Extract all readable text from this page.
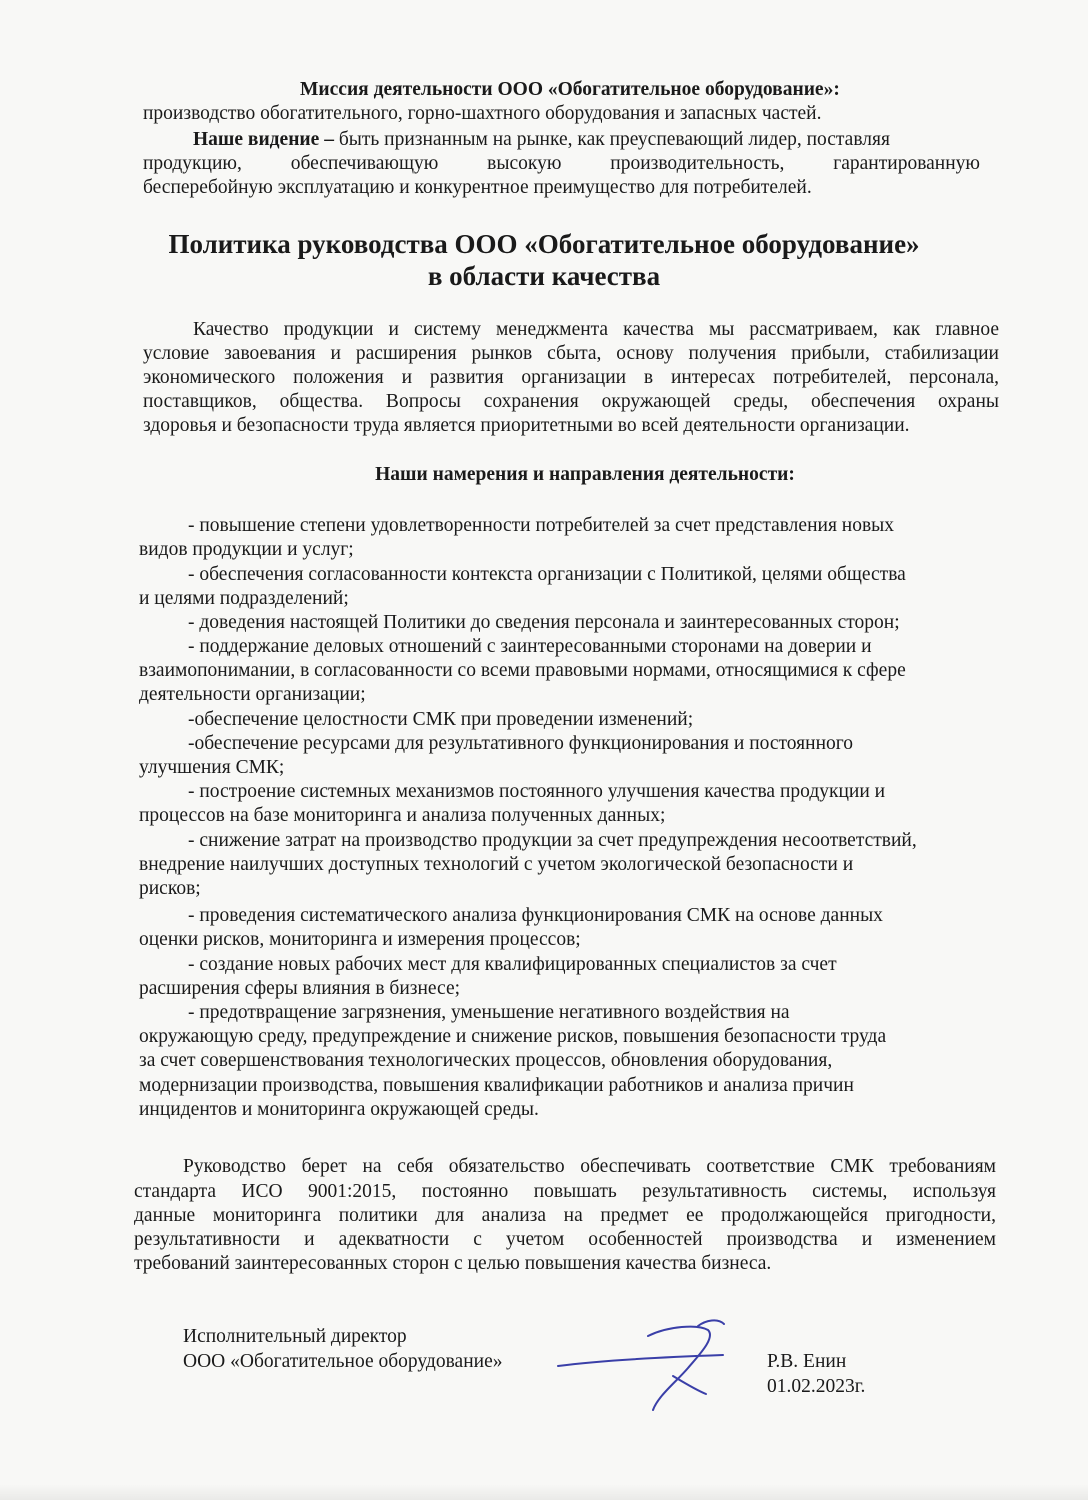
Миссия деятельности ООО «Обогатительное оборудование»:
производство обогатительного, горно-шахтного оборудования и запасных частей.
Наше видение – быть признанным на рынке, как преуспевающий лидер, поставляя
продукцию, обеспечивающую высокую производительность, гарантированную
бесперебойную эксплуатацию и конкурентное преимущество для потребителей.
Политика руководства ООО «Обогатительное оборудование»
в области качества
Качество продукции и систему менеджмента качества мы рассматриваем, как главное
условие завоевания и расширения рынков сбыта, основу получения прибыли, стабилизации
экономического положения и развития организации в интересах потребителей, персонала,
поставщиков, общества. Вопросы сохранения окружающей среды, обеспечения охраны
здоровья и безопасности труда является приоритетными во всей деятельности организации.
Наши намерения и направления деятельности:
- повышение степени удовлетворенности потребителей за счет представления новых
видов продукции и услуг;
- обеспечения согласованности контекста организации с Политикой, целями общества
и целями подразделений;
- доведения настоящей Политики до сведения персонала и заинтересованных сторон;
- поддержание деловых отношений с заинтересованными сторонами на доверии и
взаимопонимании, в согласованности со всеми правовыми нормами, относящимися к сфере
деятельности организации;
-обеспечение целостности СМК при проведении изменений;
-обеспечение ресурсами для результативного функционирования и постоянного
улучшения СМК;
- построение системных механизмов постоянного улучшения качества продукции и
процессов на базе мониторинга и анализа полученных данных;
- снижение затрат на производство продукции за счет предупреждения несоответствий,
внедрение наилучших доступных технологий с учетом экологической безопасности и
рисков;
- проведения систематического анализа функционирования СМК на основе данных
оценки рисков, мониторинга и измерения процессов;
- создание новых рабочих мест для квалифицированных специалистов за счет
расширения сферы влияния в бизнесе;
- предотвращение загрязнения, уменьшение негативного воздействия на
окружающую среду, предупреждение и снижение рисков, повышения безопасности труда
за счет совершенствования технологических процессов, обновления оборудования,
модернизации производства, повышения квалификации работников и анализа причин
инцидентов и мониторинга окружающей среды.
Руководство берет на себя обязательство обеспечивать соответствие СМК требованиям
стандарта ИСО 9001:2015, постоянно повышать результативность системы, используя
данные мониторинга политики для анализа на предмет ее продолжающейся пригодности,
результативности и адекватности с учетом особенностей производства и изменением
требований заинтересованных сторон с целью повышения качества бизнеса.
Исполнительный директор
ООО «Обогатительное оборудование»	Р.В. Енин
01.02.2023г.
